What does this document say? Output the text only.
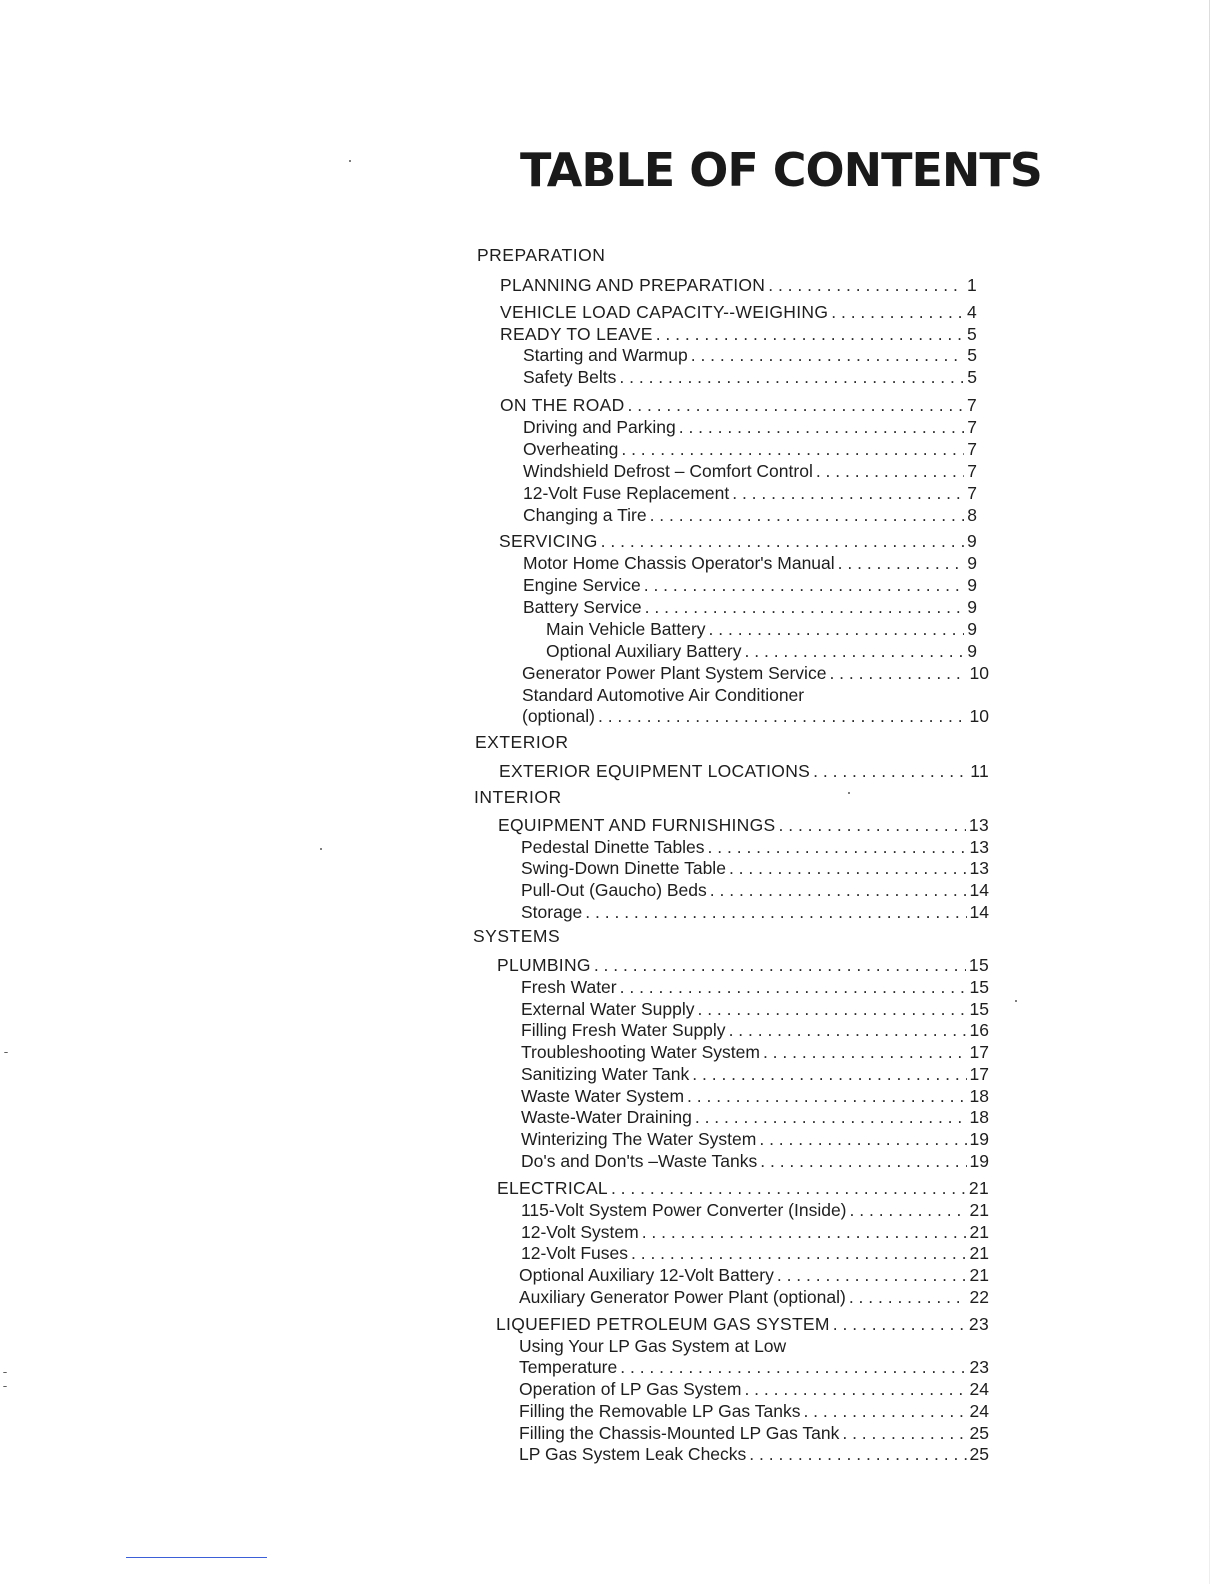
TABLE OF CONTENTS
PREPARATION
PLANNING AND PREPARATION . . .	1
VEHICLE LOAD CAPACITY--WEIGHING . . .	4
READY TO LEAVE . . .	5
Starting and Warmup . . .	5
Safety Belts . . .	5
ON THE ROAD . . .	7
Driving and Parking . . .	7
Overheating . . .	7
Windshield Defrost – Comfort Control . . .	7
12-Volt Fuse Replacement . . .	7
Changing a Tire . . .	8
SERVICING . . .	9
Motor Home Chassis Operator's Manual . . .	9
Engine Service . . .	9
Battery Service . . .	9
Main Vehicle Battery . . .	9
Optional Auxiliary Battery . . .	9
Generator Power Plant System Service . . .	10
Standard Automotive Air Conditioner
(optional) . . .	10
EXTERIOR
EXTERIOR EQUIPMENT LOCATIONS . . .	11
INTERIOR
EQUIPMENT AND FURNISHINGS . . .	13
Pedestal Dinette Tables . . .	13
Swing-Down Dinette Table . . .	13
Pull-Out (Gaucho) Beds . . .	14
Storage . . .	14
SYSTEMS
PLUMBING . . .	15
Fresh Water . . .	15
External Water Supply . . .	15
Filling Fresh Water Supply . . .	16
Troubleshooting Water System . . .	17
Sanitizing Water Tank . . .	17
Waste Water System . . .	18
Waste-Water Draining . . .	18
Winterizing The Water System . . .	19
Do's and Don'ts –Waste Tanks . . .	19
ELECTRICAL . . .	21
115-Volt System Power Converter (Inside) . . .	21
12-Volt System . . .	21
12-Volt Fuses . . .	21
Optional Auxiliary 12-Volt Battery . . .	21
Auxiliary Generator Power Plant (optional) . . .	22
LIQUEFIED PETROLEUM GAS SYSTEM . . .	23
Using Your LP Gas System at Low
Temperature . . .	23
Operation of LP Gas System . . .	24
Filling the Removable LP Gas Tanks . . .	24
Filling the Chassis-Mounted LP Gas Tank . . .	25
LP Gas System Leak Checks . . .	25
